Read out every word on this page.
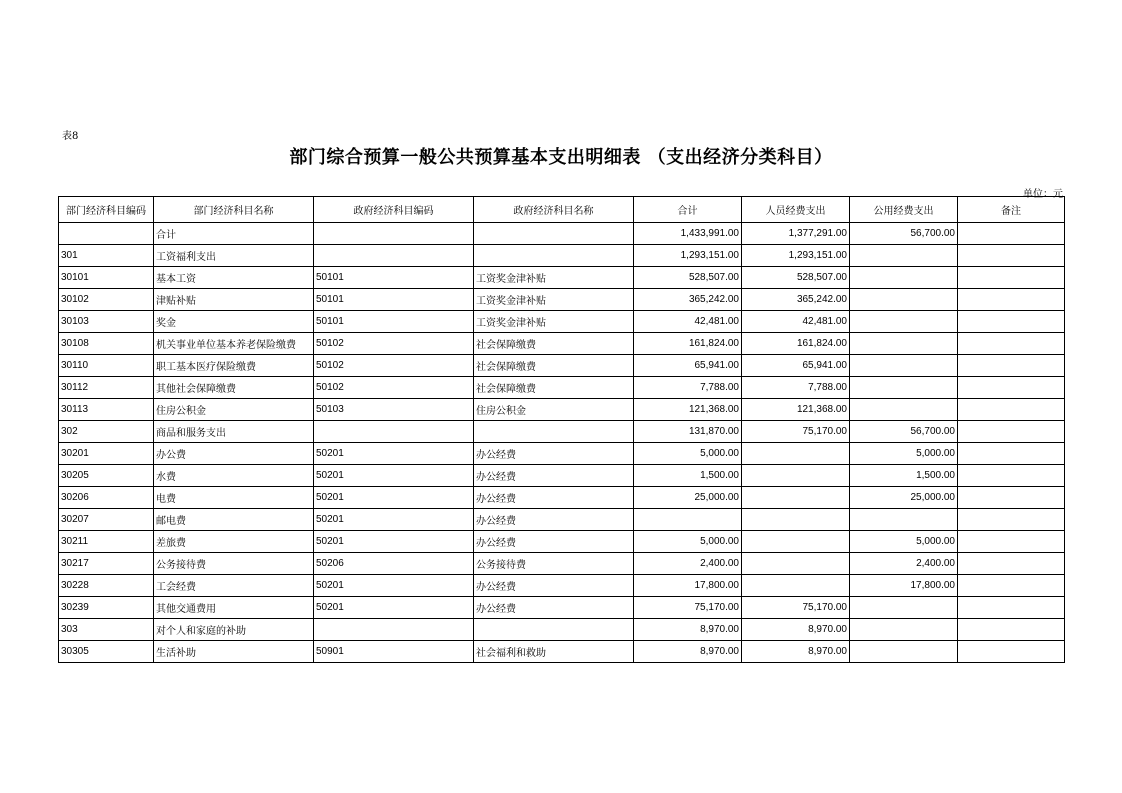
表8
部门综合预算一般公共预算基本支出明细表 （支出经济分类科目）
单位：元
部门经济科目编码	部门经济科目名称	政府经济科目编码	政府经济科目名称	合计	人员经费支出	公用经费支出	备注
	合计			1,433,991.00	1,377,291.00	56,700.00	
301	工资福利支出			1,293,151.00	1,293,151.00		
30101	基本工资	50101	工资奖金津补贴	528,507.00	528,507.00		
30102	津贴补贴	50101	工资奖金津补贴	365,242.00	365,242.00		
30103	奖金	50101	工资奖金津补贴	42,481.00	42,481.00		
30108	机关事业单位基本养老保险缴费	50102	社会保障缴费	161,824.00	161,824.00		
30110	职工基本医疗保险缴费	50102	社会保障缴费	65,941.00	65,941.00		
30112	其他社会保障缴费	50102	社会保障缴费	7,788.00	7,788.00		
30113	住房公积金	50103	住房公积金	121,368.00	121,368.00		
302	商品和服务支出			131,870.00	75,170.00	56,700.00	
30201	办公费	50201	办公经费	5,000.00		5,000.00	
30205	水费	50201	办公经费	1,500.00		1,500.00	
30206	电费	50201	办公经费	25,000.00		25,000.00	
30207	邮电费	50201	办公经费				
30211	差旅费	50201	办公经费	5,000.00		5,000.00	
30217	公务接待费	50206	公务接待费	2,400.00		2,400.00	
30228	工会经费	50201	办公经费	17,800.00		17,800.00	
30239	其他交通费用	50201	办公经费	75,170.00	75,170.00		
303	对个人和家庭的补助			8,970.00	8,970.00		
30305	生活补助	50901	社会福利和救助	8,970.00	8,970.00		
